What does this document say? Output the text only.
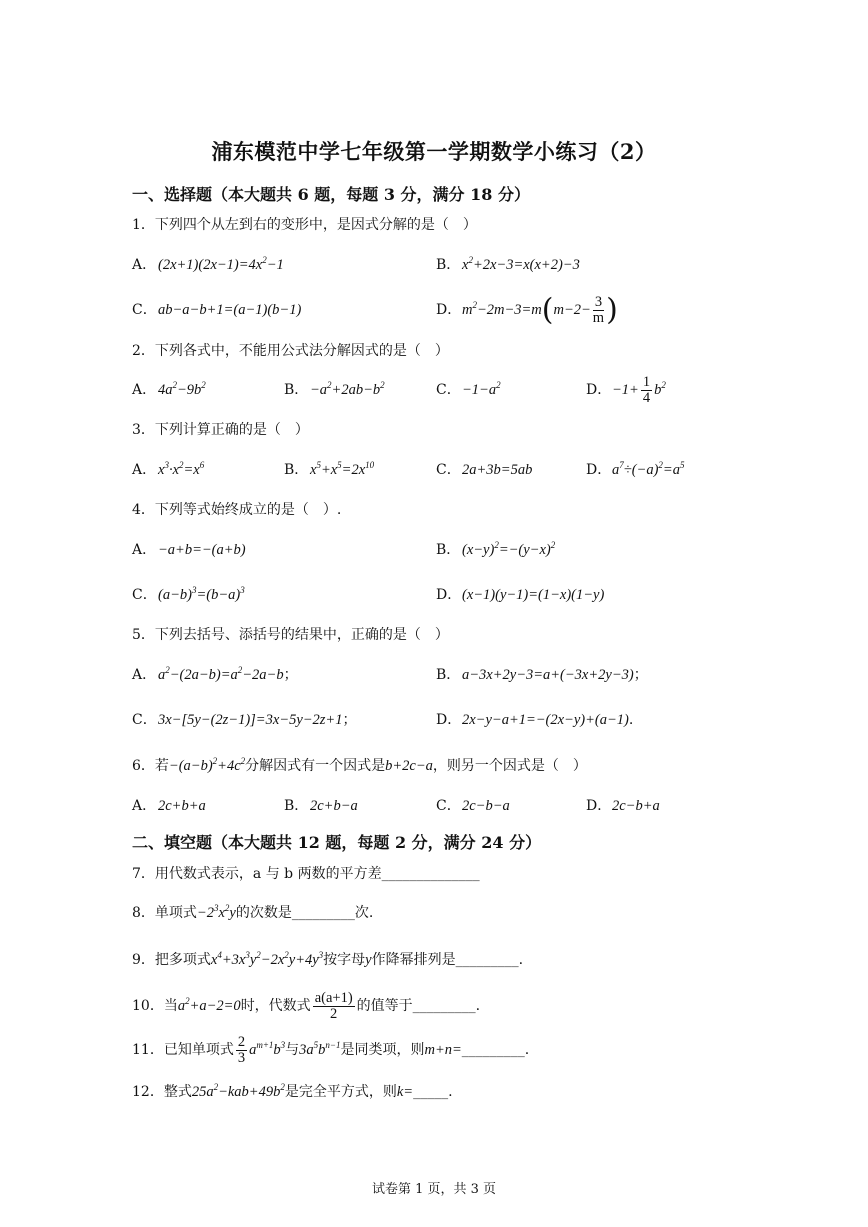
浦东模范中学七年级第一学期数学小练习（2）
一、选择题（本大题共 6 题，每题 3 分，满分 18 分）
1．下列四个从左到右的变形中，是因式分解的是（　）
A． $(2x+1)(2x-1)=4x^2-1$	B． $x^2+2x-3=x(x+2)-3$
C．ab−a−b+1=(a−1)(b−1)	D．$m^2-2m-3=m(m-2- \frac{3}{m}$ )
2．下列各式中，不能用公式法分解因式的是（　）
A． $4a^2-9b^2$	B． $-a^2+2ab-b^2$	C．$-1-a^2$	D．$-1+ \frac{1}{4} b^2$
3．下列计算正确的是（　）
A． $x^3\cdot x^2=x^6$	B． $x^5+x^5=2x^{10}$	C．2a+3b=5ab	D．$a^7\div(-a)^2=a^5$
4．下列等式始终成立的是（　）.
A． −a+b=−(a+b)	B． $(x-y)^2=-(y-x)^2$
C．$(a-b)^3=(b-a)^3$	D．(x−1)(y−1)=(1−x)(1−y)
5．下列去括号、添括号的结果中，正确的是（　）
A． $a^2-(2a-b)=a^2-2a-b$；	B． a−3x+2y−3=a+(−3x+2y−3)；
C．3x−[5y−(2z−1)]=3x−5y−2z+1；	D．2x−y−a+1=−(2x−y)+(a−1).
6．若$-(a-b)^2+4c^2$分解因式有一个因式是b+2c−a，则另一个因式是（　）
A． 2c+b+a	B． 2c+b−a	C．2c−b−a	D．2c−b+a
二、填空题（本大题共 12 题，每题 2 分，满分 24 分）
7．用代数式表示，a 与 b 两数的平方差______________
8．单项式$-2^3x^2y$的次数是_________次.
9．把多项式$x^4+3x^3y^2-2x^2y+4y^3$按字母y作降幂排列是_________.
10．当$a^2+a-2=0$时，代数式 $\frac{a(a+1)}{2}$ 的值等于_________.
11．已知单项式 $\frac{2}{3} a^{m+1}b^3$与$3a^5b^{n-1}$是同类项，则m+n=_________.
12．整式$25a^2-kab+49b^2$是完全平方式，则k=_____.
试卷第 1 页，共 3 页
